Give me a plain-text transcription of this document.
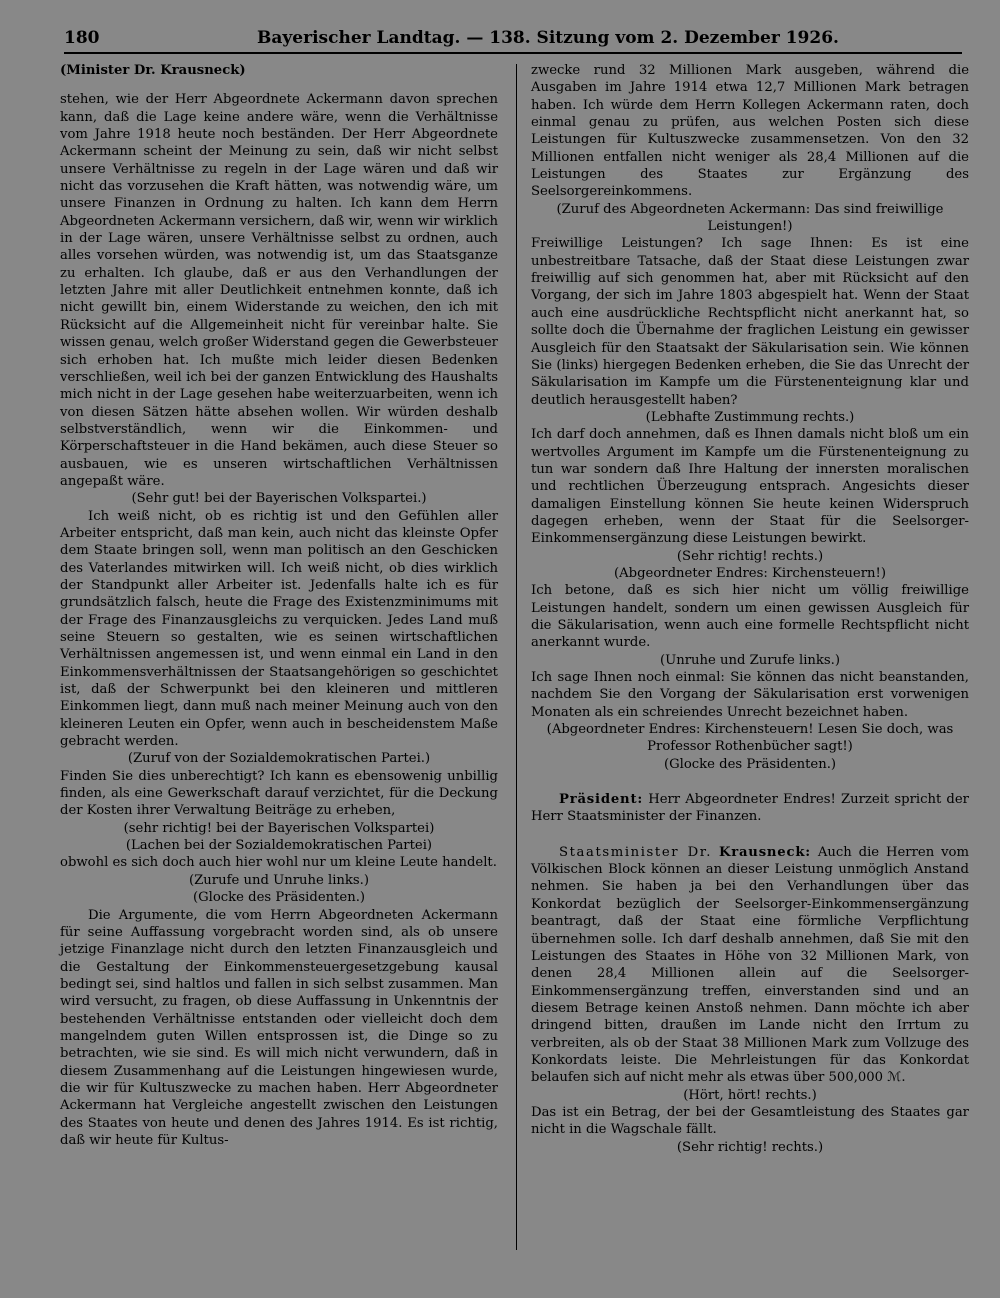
180	Bayerischer Landtag. — 138. Sitzung vom 2. Dezember 1926.

(Minister Dr. Krausneck)

stehen, wie der Herr Abgeordnete Ackermann davon sprechen kann, daß die Lage keine andere wäre, wenn die Verhältnisse vom Jahre 1918 heute noch beständen. Der Herr Abgeordnete Ackermann scheint der Meinung zu sein, daß wir nicht selbst unsere Verhältnisse zu regeln in der Lage wären und daß wir nicht das vorzusehen die Kraft hätten, was notwendig wäre, um unsere Finanzen in Ordnung zu halten. Ich kann dem Herrn Abgeordneten Ackermann versichern, daß wir, wenn wir wirklich in der Lage wären, unsere Verhältnisse selbst zu ordnen, auch alles vorsehen würden, was notwendig ist, um das Staatsganze zu erhalten. Ich glaube, daß er aus den Verhandlungen der letzten Jahre mit aller Deutlichkeit entnehmen konnte, daß ich nicht gewillt bin, einem Widerstande zu weichen, den ich mit Rücksicht auf die Allgemeinheit nicht für vereinbar halte. Sie wissen genau, welch großer Widerstand gegen die Gewerbsteuer sich erhoben hat. Ich mußte mich leider diesen Bedenken verschließen, weil ich bei der ganzen Entwicklung des Haushalts mich nicht in der Lage gesehen habe weiterzuarbeiten, wenn ich von diesen Sätzen hätte absehen wollen. Wir würden deshalb selbstverständlich, wenn wir die Einkommen- und Körperschaftsteuer in die Hand bekämen, auch diese Steuer so ausbauen, wie es unseren wirtschaftlichen Verhältnissen angepaßt wäre.

(Sehr gut! bei der Bayerischen Volkspartei.)

Ich weiß nicht, ob es richtig ist und den Gefühlen aller Arbeiter entspricht, daß man kein, auch nicht das kleinste Opfer dem Staate bringen soll, wenn man politisch an den Geschicken des Vaterlandes mitwirken will. Ich weiß nicht, ob dies wirklich der Standpunkt aller Arbeiter ist. Jedenfalls halte ich es für grundsätzlich falsch, heute die Frage des Existenzminimums mit der Frage des Finanzausgleichs zu verquicken. Jedes Land muß seine Steuern so gestalten, wie es seinen wirtschaftlichen Verhältnissen angemessen ist, und wenn einmal ein Land in den Einkommensverhältnissen der Staatsangehörigen so geschichtet ist, daß der Schwerpunkt bei den kleineren und mittleren Einkommen liegt, dann muß nach meiner Meinung auch von den kleineren Leuten ein Opfer, wenn auch in bescheidenstem Maße gebracht werden.

(Zuruf von der Sozialdemokratischen Partei.)

Finden Sie dies unberechtigt? Ich kann es ebensowenig unbillig finden, als eine Gewerkschaft darauf verzichtet, für die Deckung der Kosten ihrer Verwaltung Beiträge zu erheben,

(sehr richtig! bei der Bayerischen Volkspartei)

(Lachen bei der Sozialdemokratischen Partei)

obwohl es sich doch auch hier wohl nur um kleine Leute handelt.

(Zurufe und Unruhe links.)

(Glocke des Präsidenten.)

Die Argumente, die vom Herrn Abgeordneten Ackermann für seine Auffassung vorgebracht worden sind, als ob unsere jetzige Finanzlage nicht durch den letzten Finanzausgleich und die Gestaltung der Einkommensteuergesetzgebung kausal bedingt sei, sind haltlos und fallen in sich selbst zusammen. Man wird versucht, zu fragen, ob diese Auffassung in Unkenntnis der bestehenden Verhältnisse entstanden oder vielleicht doch dem mangelndem guten Willen entsprossen ist, die Dinge so zu betrachten, wie sie sind. Es will mich nicht verwundern, daß in diesem Zusammenhang auf die Leistungen hingewiesen wurde, die wir für Kultuszwecke zu machen haben. Herr Abgeordneter Ackermann hat Vergleiche angestellt zwischen den Leistungen des Staates von heute und denen des Jahres 1914. Es ist richtig, daß wir heute für Kultus-

zwecke rund 32 Millionen Mark ausgeben, während die Ausgaben im Jahre 1914 etwa 12,7 Millionen Mark betragen haben. Ich würde dem Herrn Kollegen Ackermann raten, doch einmal genau zu prüfen, aus welchen Posten sich diese Leistungen für Kultuszwecke zusammensetzen. Von den 32 Millionen entfallen nicht weniger als 28,4 Millionen auf die Leistungen des Staates zur Ergänzung des Seelsorgereinkommens.

(Zuruf des Abgeordneten Ackermann: Das sind freiwillige Leistungen!)

Freiwillige Leistungen? Ich sage Ihnen: Es ist eine unbestreitbare Tatsache, daß der Staat diese Leistungen zwar freiwillig auf sich genommen hat, aber mit Rücksicht auf den Vorgang, der sich im Jahre 1803 abgespielt hat. Wenn der Staat auch eine ausdrückliche Rechtspflicht nicht anerkannt hat, so sollte doch die Übernahme der fraglichen Leistung ein gewisser Ausgleich für den Staatsakt der Säkularisation sein. Wie können Sie (links) hiergegen Bedenken erheben, die Sie das Unrecht der Säkularisation im Kampfe um die Fürstenenteignung klar und deutlich herausgestellt haben?

(Lebhafte Zustimmung rechts.)

Ich darf doch annehmen, daß es Ihnen damals nicht bloß um ein wertvolles Argument im Kampfe um die Fürstenenteignung zu tun war sondern daß Ihre Haltung der innersten moralischen und rechtlichen Überzeugung entsprach. Angesichts dieser damaligen Einstellung können Sie heute keinen Widerspruch dagegen erheben, wenn der Staat für die Seelsorger-Einkommensergänzung diese Leistungen bewirkt.

(Sehr richtig! rechts.)

(Abgeordneter Endres: Kirchensteuern!)

Ich betone, daß es sich hier nicht um völlig freiwillige Leistungen handelt, sondern um einen gewissen Ausgleich für die Säkularisation, wenn auch eine formelle Rechtspflicht nicht anerkannt wurde.

(Unruhe und Zurufe links.)

Ich sage Ihnen noch einmal: Sie können das nicht beanstanden, nachdem Sie den Vorgang der Säkularisation erst vorwenigen Monaten als ein schreiendes Unrecht bezeichnet haben.

(Abgeordneter Endres: Kirchensteuern! Lesen Sie doch, was Professor Rothenbücher sagt!)

(Glocke des Präsidenten.)

Präsident: Herr Abgeordneter Endres! Zurzeit spricht der Herr Staatsminister der Finanzen.

Staatsminister Dr. Krausneck: Auch die Herren vom Völkischen Block können an dieser Leistung unmöglich Anstand nehmen. Sie haben ja bei den Verhandlungen über das Konkordat bezüglich der Seelsorger-Einkommensergänzung beantragt, daß der Staat eine förmliche Verpflichtung übernehmen solle. Ich darf deshalb annehmen, daß Sie mit den Leistungen des Staates in Höhe von 32 Millionen Mark, von denen 28,4 Millionen allein auf die Seelsorger-Einkommensergänzung treffen, einverstanden sind und an diesem Betrage keinen Anstoß nehmen. Dann möchte ich aber dringend bitten, draußen im Lande nicht den Irrtum zu verbreiten, als ob der Staat 38 Millionen Mark zum Vollzuge des Konkordats leiste. Die Mehrleistungen für das Konkordat belaufen sich auf nicht mehr als etwas über 500,000 ℳ.

(Hört, hört! rechts.)

Das ist ein Betrag, der bei der Gesamtleistung des Staates gar nicht in die Wagschale fällt.

(Sehr richtig! rechts.)
